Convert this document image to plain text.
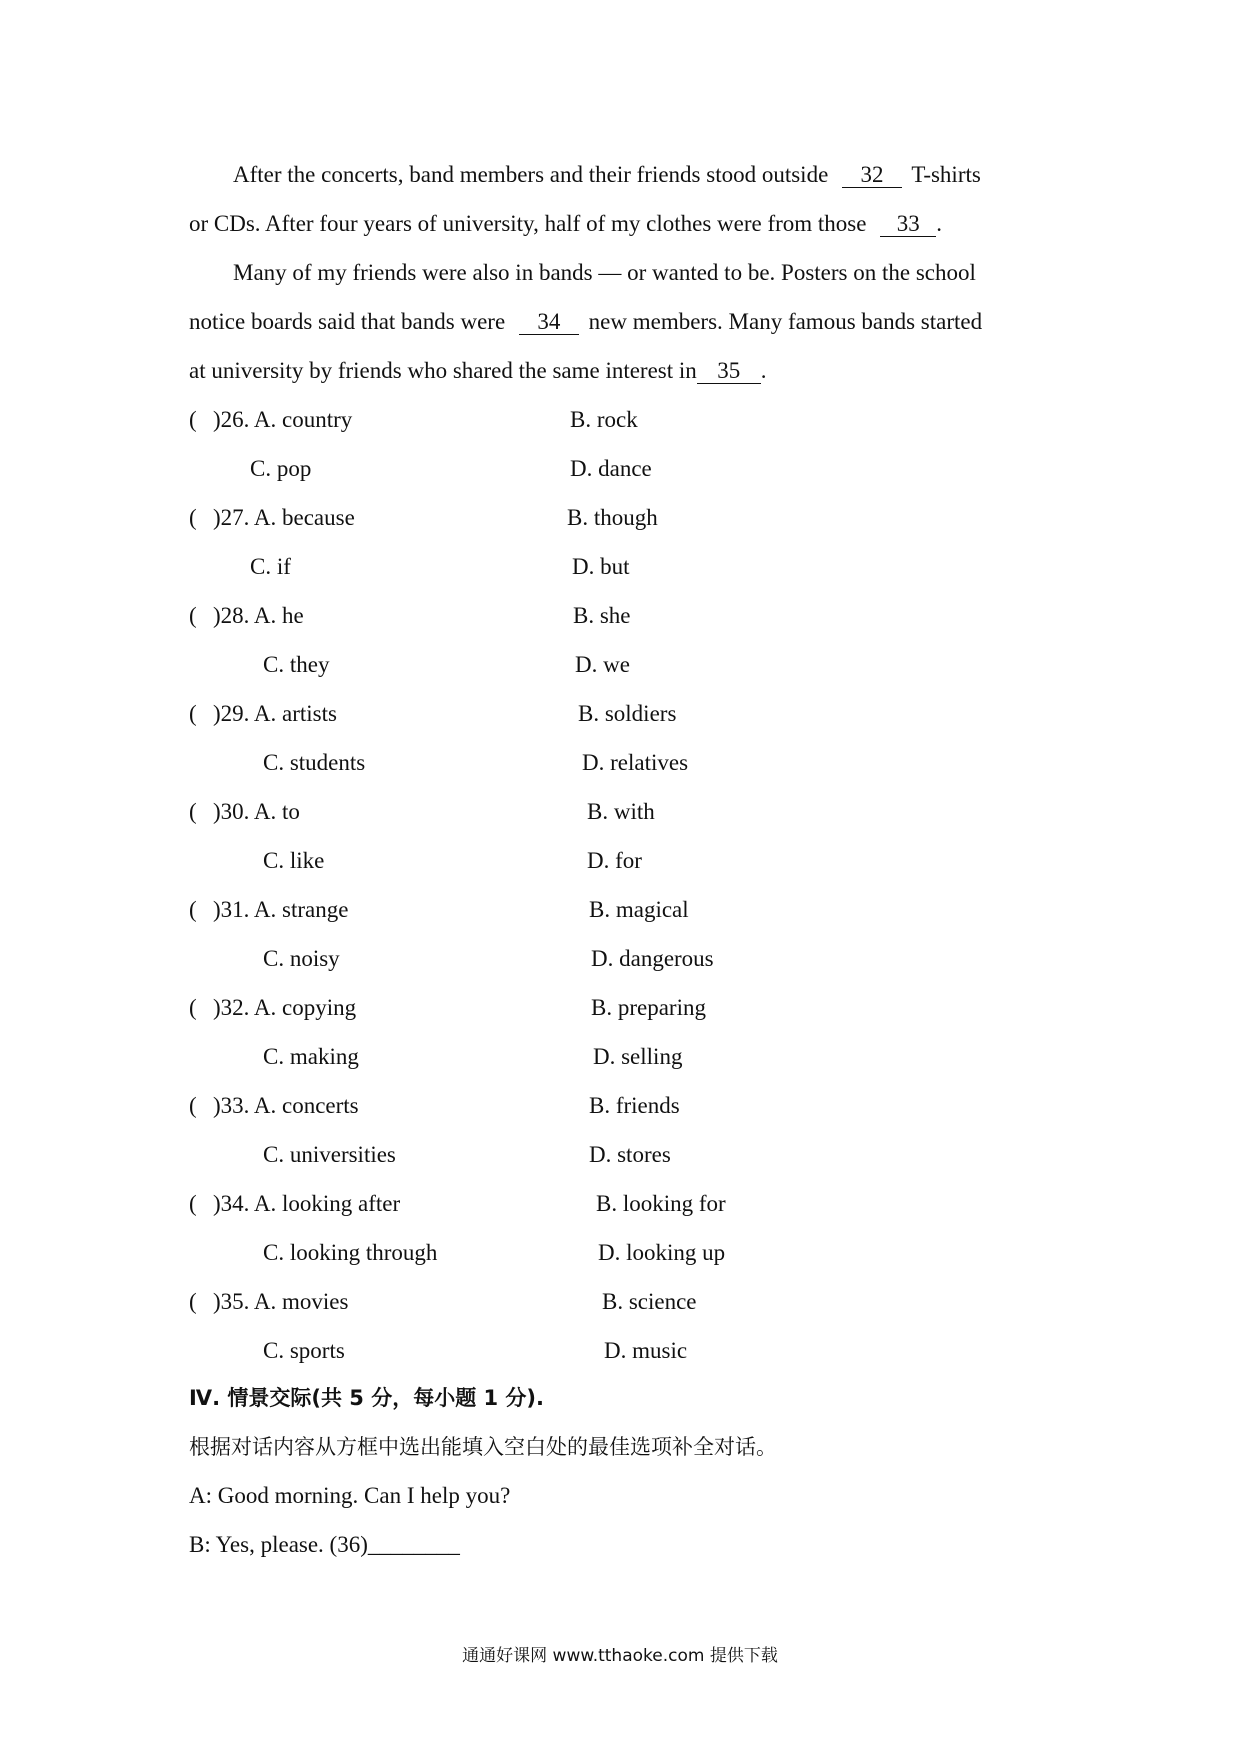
After the concerts, band members and their friends stood outside 32 T-shirts
or CDs. After four years of university, half of my clothes were from those 33 .
Many of my friends were also in bands — or wanted to be. Posters on the school
notice boards said that bands were 34 new members. Many famous bands started
at university by friends who shared the same interest in 35 .
( )26. A. country	B. rock
C. pop	D. dance
( )27. A. because	B. though
C. if	D. but
( )28. A. he	B. she
C. they	D. we
( )29. A. artists	B. soldiers
C. students	D. relatives
( )30. A. to	B. with
C. like	D. for
( )31. A. strange	B. magical
C. noisy	D. dangerous
( )32. A. copying	B. preparing
C. making	D. selling
( )33. A. concerts	B. friends
C. universities	D. stores
( )34. A. looking after	B. looking for
C. looking through	D. looking up
( )35. A. movies	B. science
C. sports	D. music
Ⅳ. 情景交际(共 5 分，每小题 1 分).
根据对话内容从方框中选出能填入空白处的最佳选项补全对话。
A: Good morning. Can I help you?
B: Yes, please. (36)________
通通好课网 www.tthaoke.com 提供下载
